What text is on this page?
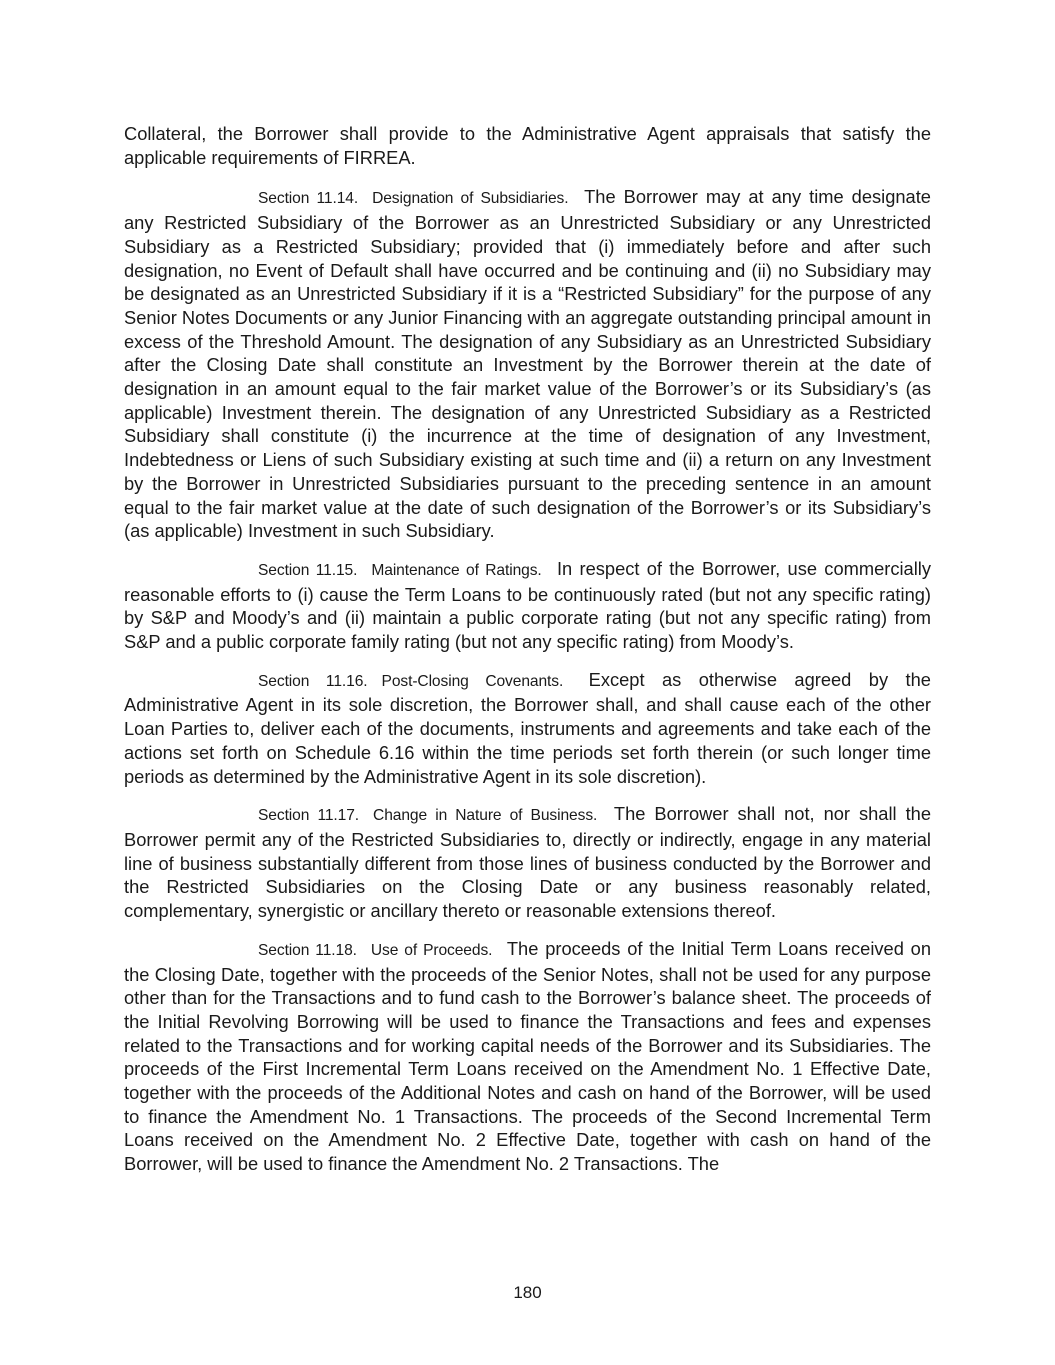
Collateral, the Borrower shall provide to the Administrative Agent appraisals that satisfy the applicable requirements of FIRREA.

Section 11.14. Designation of Subsidiaries. The Borrower may at any time designate any Restricted Subsidiary of the Borrower as an Unrestricted Subsidiary or any Unrestricted Subsidiary as a Restricted Subsidiary; provided that (i) immediately before and after such designation, no Event of Default shall have occurred and be continuing and (ii) no Subsidiary may be designated as an Unrestricted Subsidiary if it is a “Restricted Subsidiary” for the purpose of any Senior Notes Documents or any Junior Financing with an aggregate outstanding principal amount in excess of the Threshold Amount. The designation of any Subsidiary as an Unrestricted Subsidiary after the Closing Date shall constitute an Investment by the Borrower therein at the date of designation in an amount equal to the fair market value of the Borrower’s or its Subsidiary’s (as applicable) Investment therein. The designation of any Unrestricted Subsidiary as a Restricted Subsidiary shall constitute (i) the incurrence at the time of designation of any Investment, Indebtedness or Liens of such Subsidiary existing at such time and (ii) a return on any Investment by the Borrower in Unrestricted Subsidiaries pursuant to the preceding sentence in an amount equal to the fair market value at the date of such designation of the Borrower’s or its Subsidiary’s (as applicable) Investment in such Subsidiary.

Section 11.15. Maintenance of Ratings. In respect of the Borrower, use commercially reasonable efforts to (i) cause the Term Loans to be continuously rated (but not any specific rating) by S&P and Moody’s and (ii) maintain a public corporate rating (but not any specific rating) from S&P and a public corporate family rating (but not any specific rating) from Moody’s.

Section 11.16. Post-Closing Covenants. Except as otherwise agreed by the Administrative Agent in its sole discretion, the Borrower shall, and shall cause each of the other Loan Parties to, deliver each of the documents, instruments and agreements and take each of the actions set forth on Schedule 6.16 within the time periods set forth therein (or such longer time periods as determined by the Administrative Agent in its sole discretion).

Section 11.17. Change in Nature of Business. The Borrower shall not, nor shall the Borrower permit any of the Restricted Subsidiaries to, directly or indirectly, engage in any material line of business substantially different from those lines of business conducted by the Borrower and the Restricted Subsidiaries on the Closing Date or any business reasonably related, complementary, synergistic or ancillary thereto or reasonable extensions thereof.

Section 11.18. Use of Proceeds. The proceeds of the Initial Term Loans received on the Closing Date, together with the proceeds of the Senior Notes, shall not be used for any purpose other than for the Transactions and to fund cash to the Borrower’s balance sheet. The proceeds of the Initial Revolving Borrowing will be used to finance the Transactions and fees and expenses related to the Transactions and for working capital needs of the Borrower and its Subsidiaries. The proceeds of the First Incremental Term Loans received on the Amendment No. 1 Effective Date, together with the proceeds of the Additional Notes and cash on hand of the Borrower, will be used to finance the Amendment No. 1 Transactions. The proceeds of the Second Incremental Term Loans received on the Amendment No. 2 Effective Date, together with cash on hand of the Borrower, will be used to finance the Amendment No. 2 Transactions. The

180
